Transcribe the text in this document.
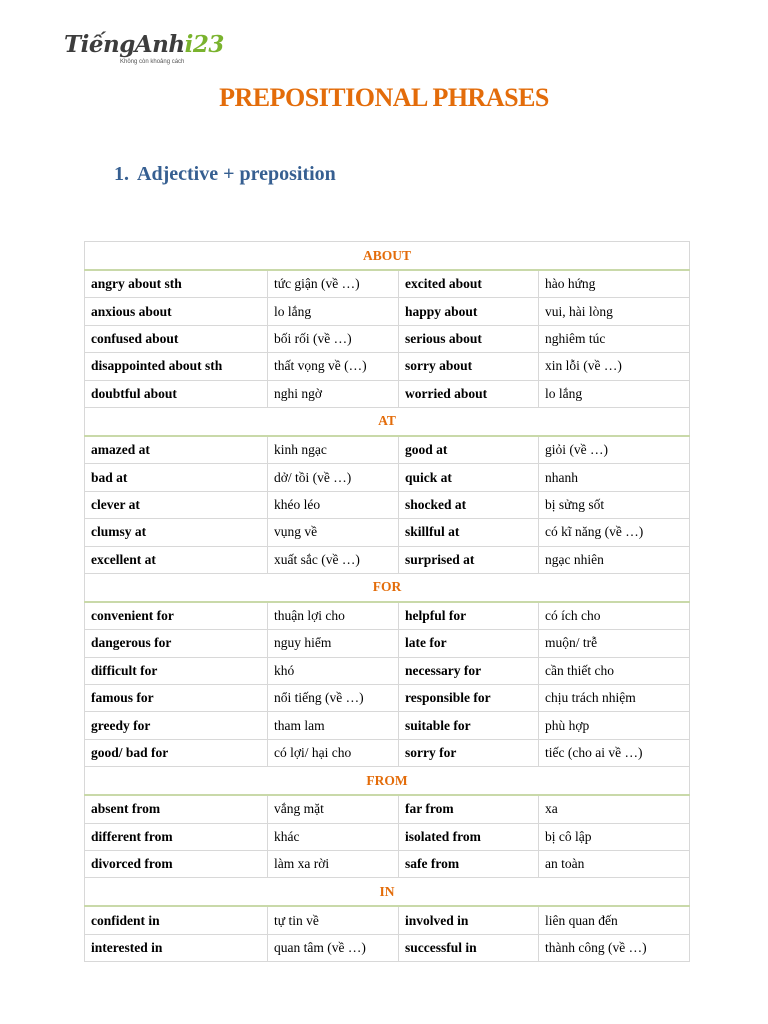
TiếngAnhi23
Không còn khoảng cách
PREPOSITIONAL PHRASES
1. Adjective + preposition
ABOUT			
angry about sth	tức giận (về …)	excited about	hào hứng
anxious about	lo lắng	happy about	vui, hài lòng
confused about	bối rối (về …)	serious about	nghiêm túc
disappointed about sth	thất vọng về (…)	sorry about	xin lỗi (về …)
doubtful about	nghi ngờ	worried about	lo lắng
AT			
amazed at	kinh ngạc	good at	giỏi (về …)
bad at	dở/ tồi (về …)	quick at	nhanh
clever at	khéo léo	shocked at	bị sửng sốt
clumsy at	vụng về	skillful at	có kĩ năng (về …)
excellent at	xuất sắc (về …)	surprised at	ngạc nhiên
FOR			
convenient for	thuận lợi cho	helpful for	có ích cho
dangerous for	nguy hiểm	late for	muộn/ trễ
difficult for	khó	necessary for	cần thiết cho
famous for	nổi tiếng (về …)	responsible for	chịu trách nhiệm
greedy for	tham lam	suitable for	phù hợp
good/ bad for	có lợi/ hại cho	sorry for	tiếc (cho ai về …)
FROM			
absent from	vắng mặt	far from	xa
different from	khác	isolated from	bị cô lập
divorced from	làm xa rời	safe from	an toàn
IN			
confident in	tự tin về	involved in	liên quan đến
interested in	quan tâm (về …)	successful in	thành công (về …)
